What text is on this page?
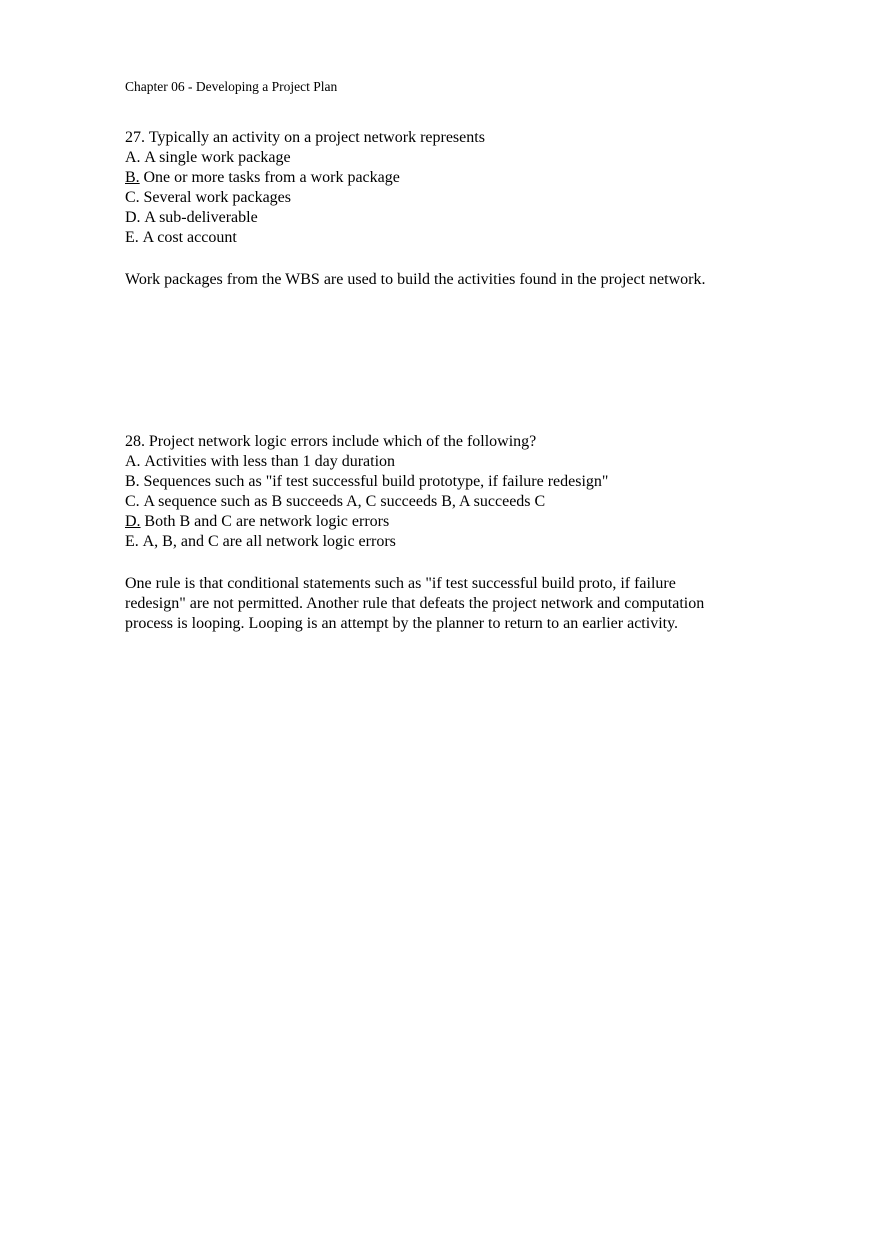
Chapter 06 - Developing a Project Plan
27. Typically an activity on a project network represents
A. A single work package
B. One or more tasks from a work package
C. Several work packages
D. A sub-deliverable
E. A cost account
Work packages from the WBS are used to build the activities found in the project network.
28. Project network logic errors include which of the following?
A. Activities with less than 1 day duration
B. Sequences such as "if test successful build prototype, if failure redesign"
C. A sequence such as B succeeds A, C succeeds B, A succeeds C
D. Both B and C are network logic errors
E. A, B, and C are all network logic errors
One rule is that conditional statements such as "if test successful build proto, if failure
redesign" are not permitted. Another rule that defeats the project network and computation
process is looping. Looping is an attempt by the planner to return to an earlier activity.
